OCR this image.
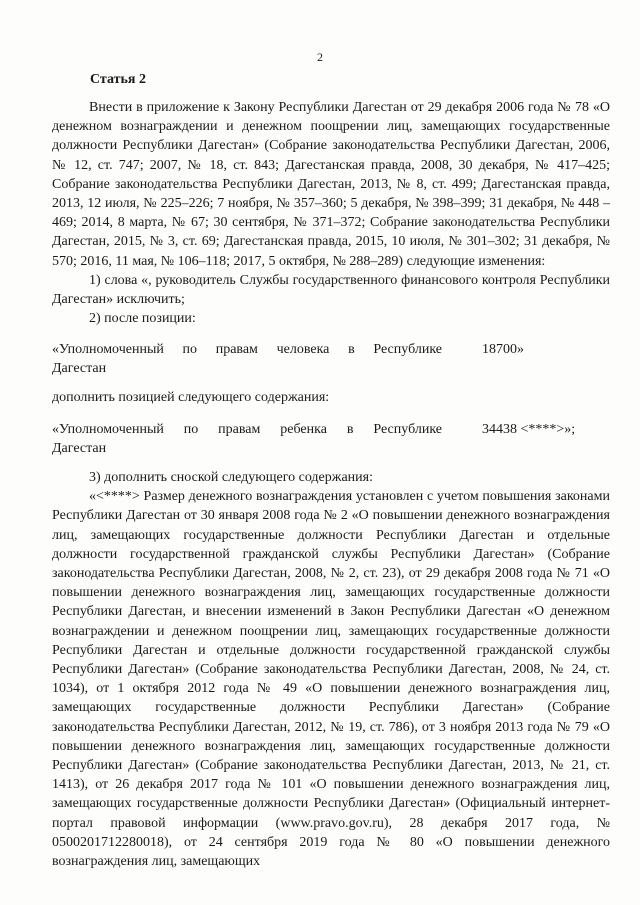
2
Статья 2

Внести в приложение к Закону Республики Дагестан от 29 декабря 2006 года № 78 «О денежном вознаграждении и денежном поощрении лиц, замещающих государственные должности Республики Дагестан» (Собрание законодательства Республики Дагестан, 2006, № 12, ст. 747; 2007, № 18, ст. 843; Дагестанская правда, 2008, 30 декабря, № 417–425; Собрание законодательства Республики Дагестан, 2013, № 8, ст. 499; Дагестанская правда, 2013, 12 июля, № 225–226; 7 ноября, № 357–360; 5 декабря, № 398–399; 31 декабря, № 448 – 469; 2014, 8 марта, № 67; 30 сентября, № 371–372; Собрание законодательства Республики Дагестан, 2015, № 3, ст. 69; Дагестанская правда, 2015, 10 июля, № 301–302; 31 декабря, № 570; 2016, 11 мая, № 106–118; 2017, 5 октября, № 288–289) следующие изменения:

1) слова «, руководитель Службы государственного финансового контроля Республики Дагестан» исключить;

2) после позиции:

«Уполномоченный по правам человека в Республике	18700»
Дагестан

дополнить позицией следующего содержания:

«Уполномоченный по правам ребенка в Республике	34438 <****>»;
Дагестан

3) дополнить сноской следующего содержания:

«<****> Размер денежного вознаграждения установлен с учетом повышения законами Республики Дагестан от 30 января 2008 года № 2 «О повышении денежного вознаграждения лиц, замещающих государственные должности Республики Дагестан и отдельные должности государственной гражданской службы Республики Дагестан» (Собрание законодательства Республики Дагестан, 2008, № 2, ст. 23), от 29 декабря 2008 года № 71 «О повышении денежного вознаграждения лиц, замещающих государственные должности Республики Дагестан, и внесении изменений в Закон Республики Дагестан «О денежном вознаграждении и денежном поощрении лиц, замещающих государственные должности Республики Дагестан и отдельные должности государственной гражданской службы Республики Дагестан» (Собрание законодательства Республики Дагестан, 2008, № 24, ст. 1034), от 1 октября 2012 года № 49 «О повышении денежного вознаграждения лиц, замещающих государственные должности Республики Дагестан» (Собрание законодательства Республики Дагестан, 2012, № 19, ст. 786), от 3 ноября 2013 года № 79 «О повышении денежного вознаграждения лиц, замещающих государственные должности Республики Дагестан» (Собрание законодательства Республики Дагестан, 2013, № 21, ст. 1413), от 26 декабря 2017 года № 101 «О повышении денежного вознаграждения лиц, замещающих государственные должности Республики Дагестан» (Официальный интернет-портал правовой информации (www.pravo.gov.ru), 28 декабря 2017 года, № 0500201712280018), от 24 сентября 2019 года № 80 «О повышении денежного вознаграждения лиц, замещающих
